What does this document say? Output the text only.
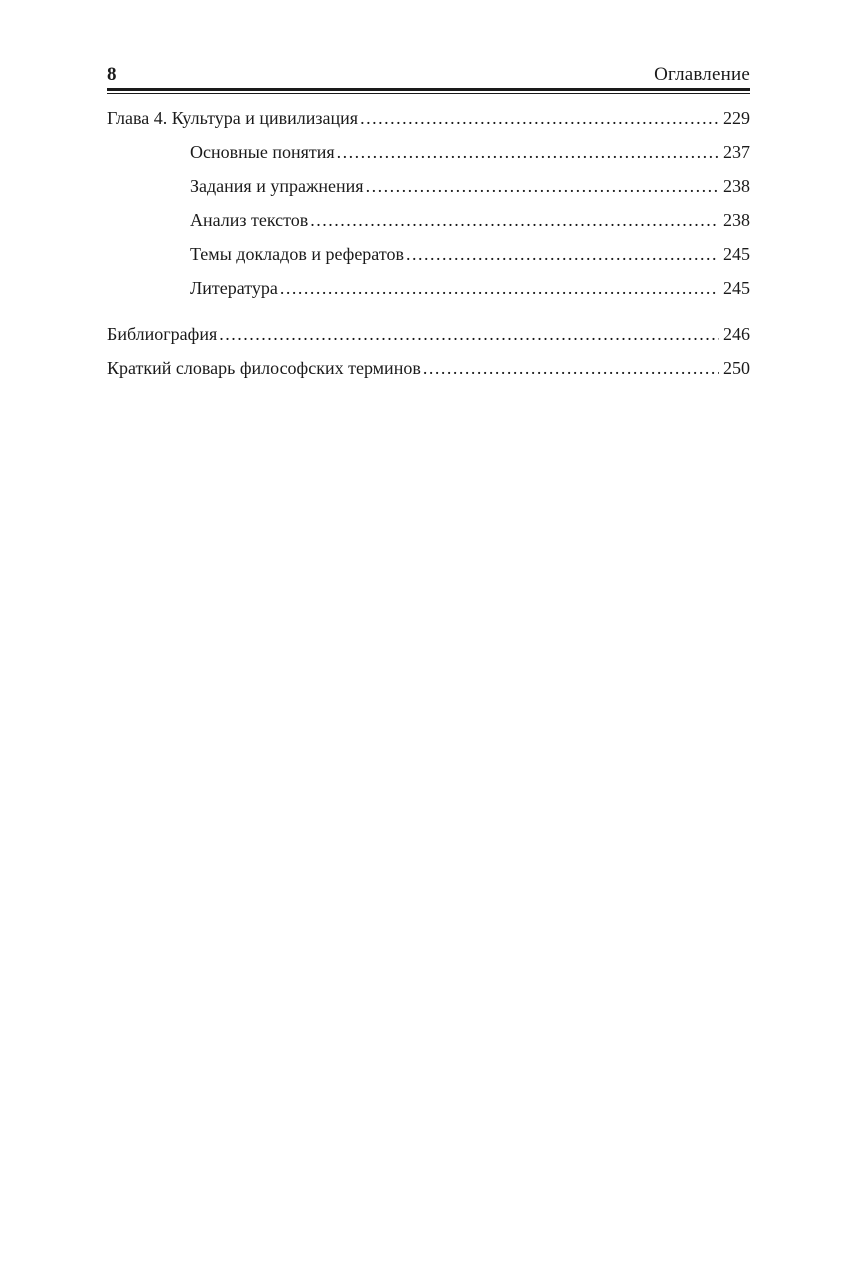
8	Оглавление
Глава 4. Культура и цивилизация .....	229
Основные понятия .....	237
Задания и упражнения .....	238
Анализ текстов .....	238
Темы докладов и рефератов .....	245
Литература .....	245
Библиография .....	246
Краткий словарь философских терминов .....	250
